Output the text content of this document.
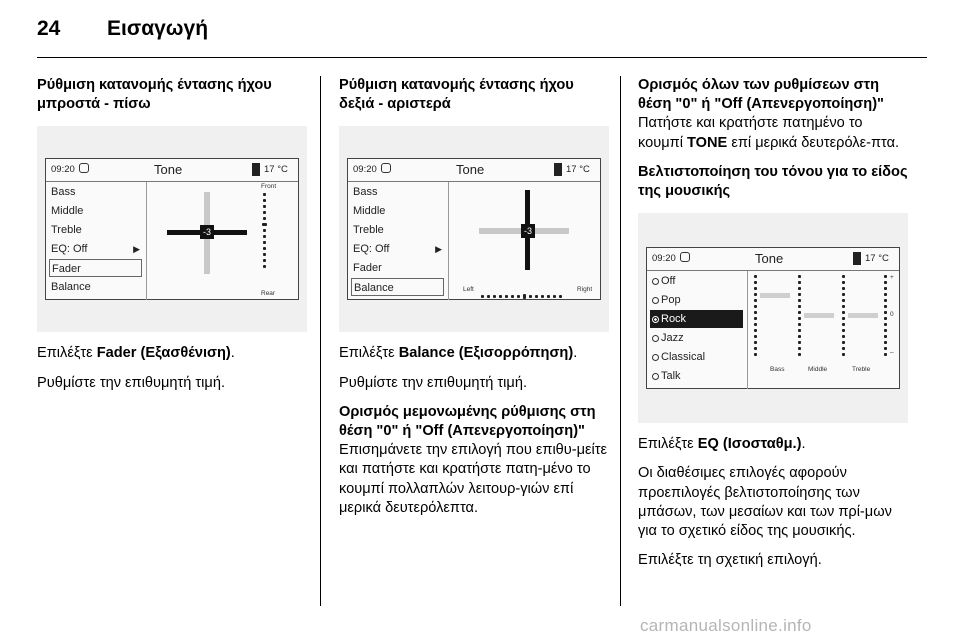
24 Εισαγωγή

Ρύθμιση κατανομής έντασης ήχου μπροστά - πίσω

09:20	Tone	17 °C
Bass
Middle
Treble
EQ: Off	▶
Fader
Balance
-3
Front
Rear

Επιλέξτε Fader (Εξασθένιση).

Ρυθμίστε την επιθυμητή τιμή.

Ρύθμιση κατανομής έντασης ήχου δεξιά - αριστερά

09:20	Tone	17 °C
Bass
Middle
Treble
EQ: Off	▶
Fader
Balance
-3
Left	Right

Επιλέξτε Balance (Εξισορρόπηση).

Ρυθμίστε την επιθυμητή τιμή.

Ορισμός μεμονωμένης ρύθμισης στη θέση "0" ή "Off (Απενεργοποίηση)"

Επισημάνετε την επιλογή που επιθυ-μείτε και πατήστε και κρατήστε πατη-μένο το κουμπί πολλαπλών λειτουρ-γιών επί μερικά δευτερόλεπτα.

Ορισμός όλων των ρυθμίσεων στη θέση "0" ή "Off (Απενεργοποίηση)"

Πατήστε και κρατήστε πατημένο το κουμπί TONE επί μερικά δευτερόλε-πτα.

Βελτιστοποίηση του τόνου για το είδος της μουσικής

09:20	Tone	17 °C
Off
Pop
Rock
Jazz
Classical
Talk
+
0
–
Bass	Middle	Treble

Επιλέξτε EQ (Ισοσταθμ.).

Οι διαθέσιμες επιλογές αφορούν προεπιλογές βελτιστοποίησης των μπάσων, των μεσαίων και των πρί-μων για το σχετικό είδος της μουσικής.

Επιλέξτε τη σχετική επιλογή.

carmanualsonline.info
